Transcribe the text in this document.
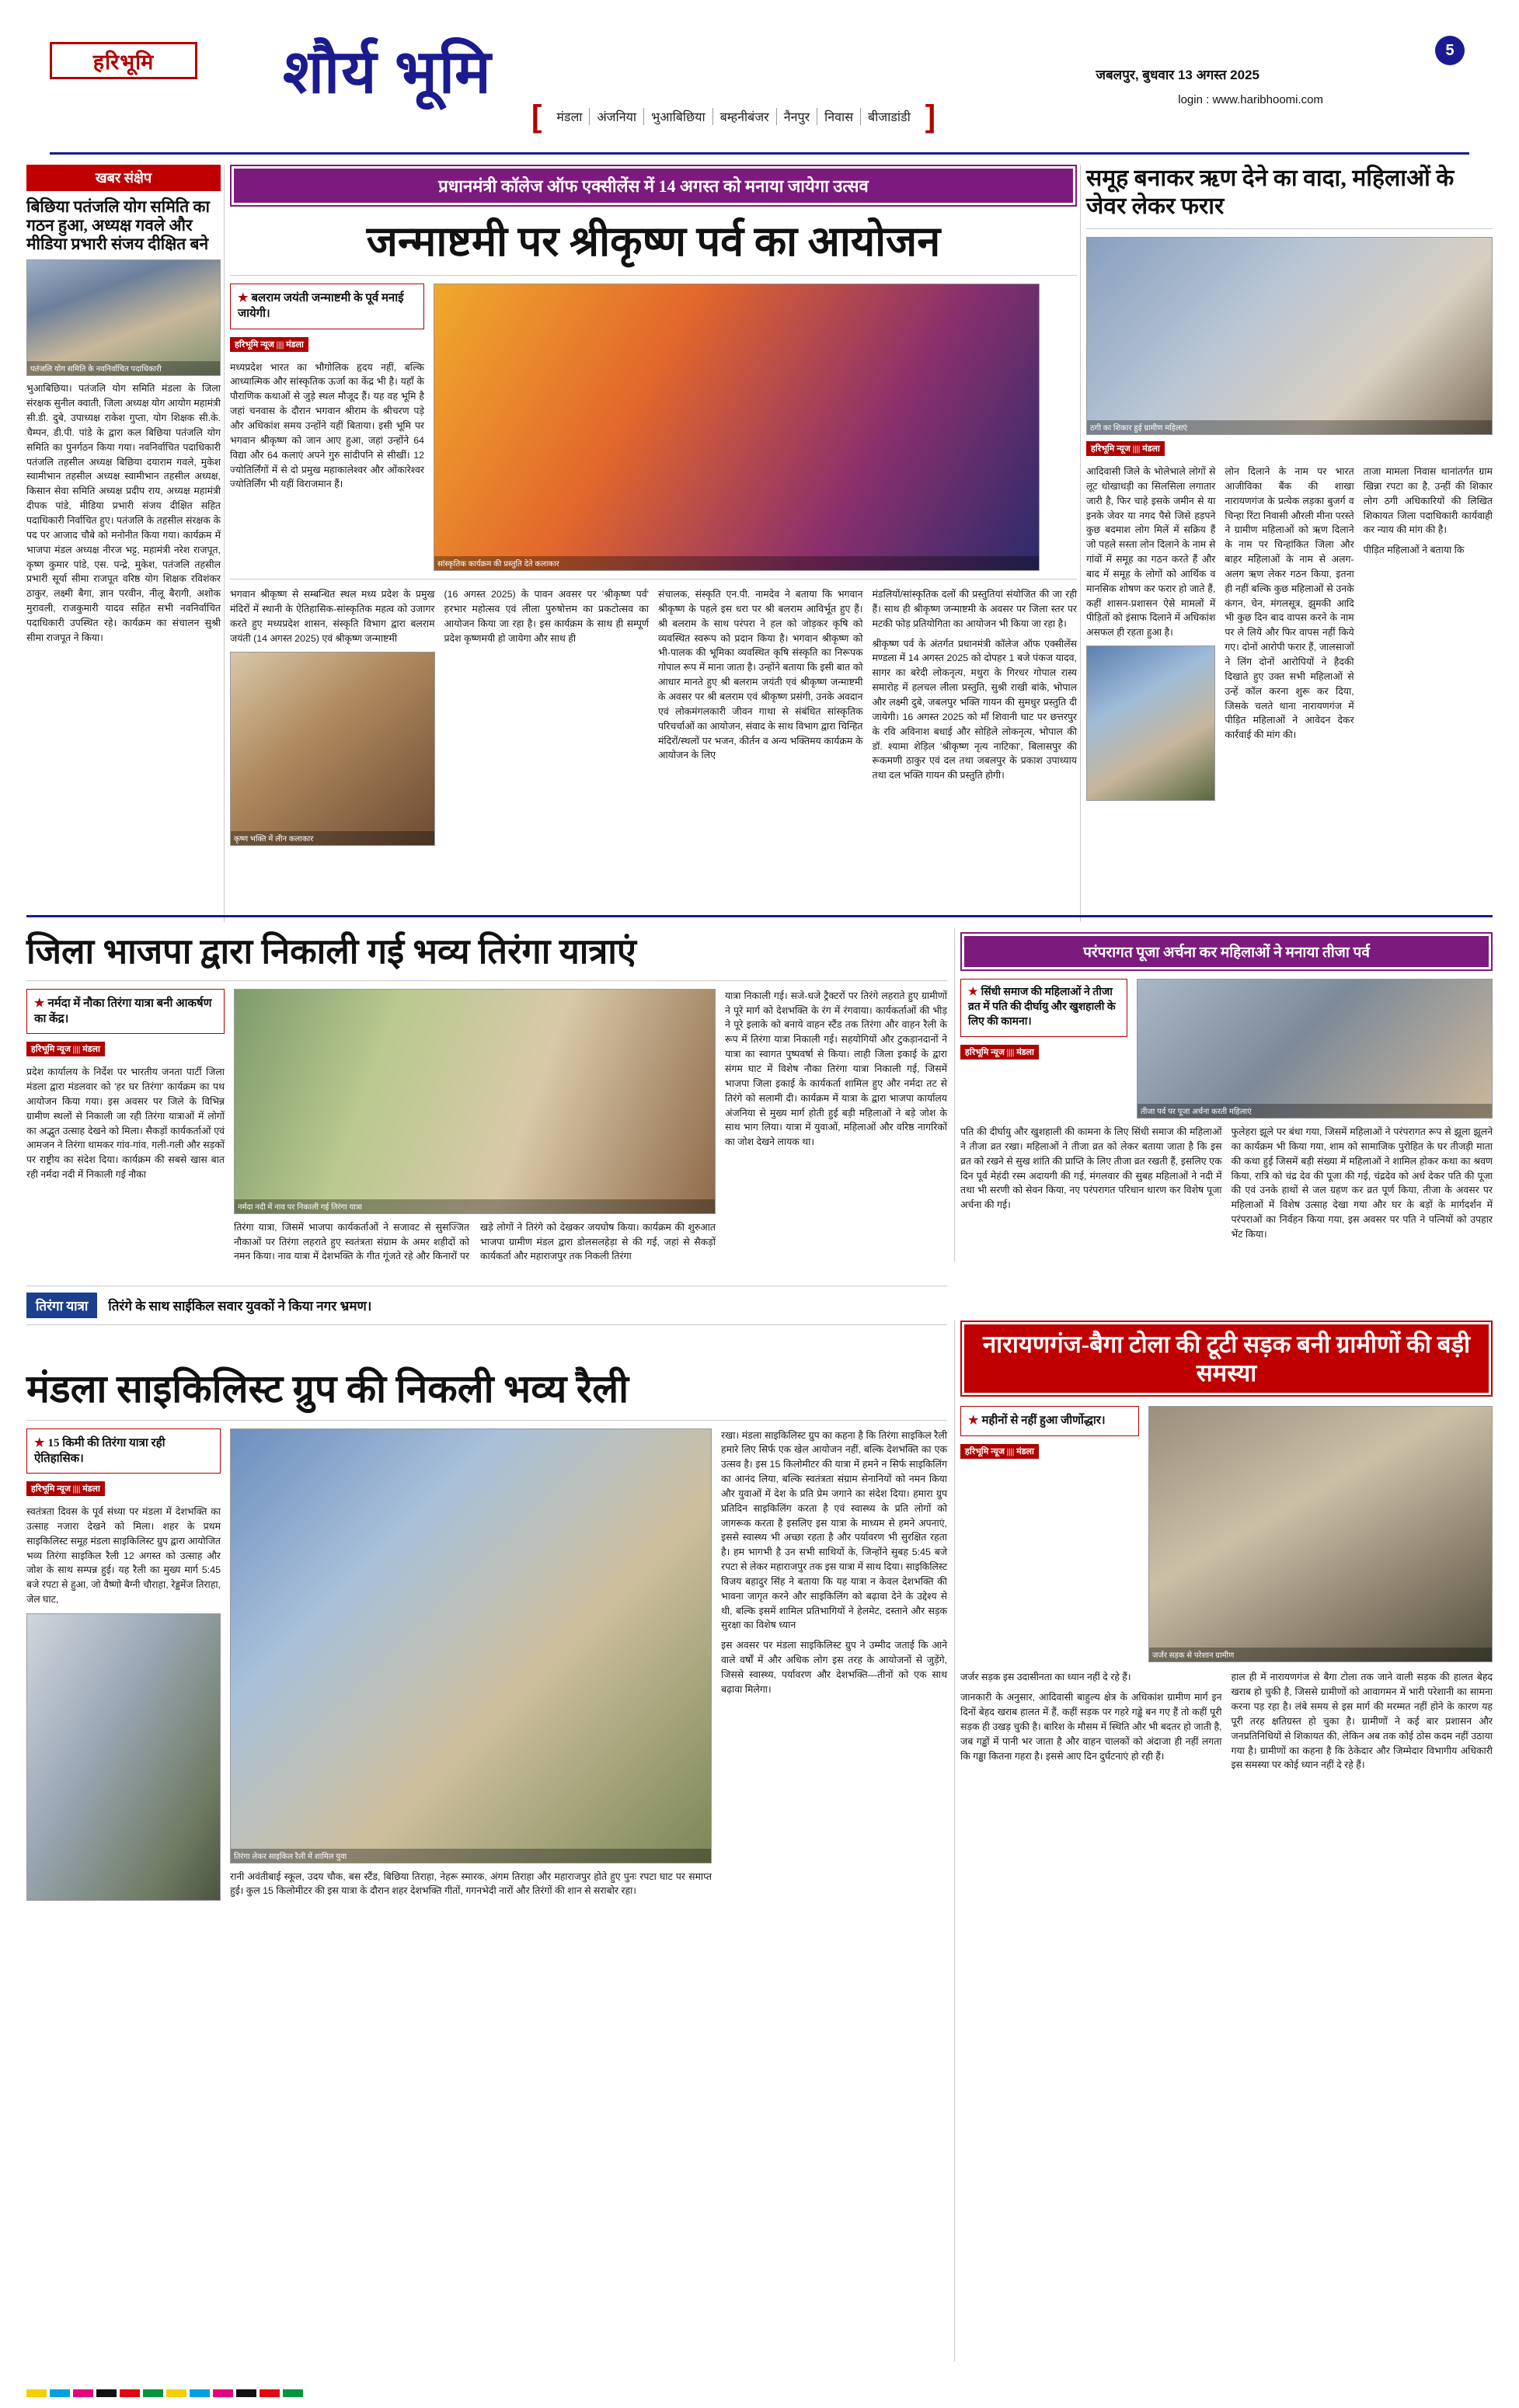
हरिभूमि शौर्य भूमि
[	मंडला	अंजनिया	भुआबिछिया	बम्हनीबंजर	नैनपुर	निवास	बीजाडांडी ]
जबलपुर, बुधवार 13 अगस्त 2025
login : www.haribhoomi.com
5
खबर संक्षेप
बिछिया पतंजलि योग समिति का गठन हुआ, अध्यक्ष गवले और मीडिया प्रभारी संजय दीक्षित बने
पतंजलि योग समिति के नवनिर्वाचित पदाधिकारी

भुआबिछिया। पतंजलि योग समिति मंडला के जिला संरक्षक सुनील क्वाती, जिला अध्यक्ष योग आयोग महामंत्री सी.डी. दुबे, उपाध्यक्ष राकेश गुप्ता, योग शिक्षक सी.के. चैम्पन, डी.पी. पांडे के द्वारा कल बिछिया पतंजलि योग समिति का पुनर्गठन किया गया। नवनिर्वाचित पदाधिकारी पतंजलि तहसील अध्यक्ष बिछिया दयाराम गवले, मुकेश स्वामीभान तहसील अध्यक्ष स्वामीभान तहसील अध्यक्ष, किसान सेवा समिति अध्यक्ष प्रदीप राय, अध्यक्ष महामंत्री दीपक पांडे, मीडिया प्रभारी संजय दीक्षित सहित पदाधिकारी निर्वाचित हुए। पतंजलि के तहसील संरक्षक के पद पर आजाद चौबे को मनोनीत किया गया। कार्यक्रम में भाजपा मंडल अध्यक्ष नीरज भट्ट, महामंत्री नरेश राजपूत, कृष्ण कुमार पांडे, एस. पन्द्रे, मुकेश, पतंजलि तहसील प्रभारी सूर्या सीमा राजपूत वरिष्ठ योग शिक्षक रविशंकर ठाकुर, लक्ष्मी बैगा, ज्ञान परवीन, नीलू बैरागी, अशोक मुरावली, राजकुमारी यादव सहित सभी नवनिर्वाचित पदाधिकारी उपस्थित रहे। कार्यक्रम का संचालन सुश्री सीमा राजपूत ने किया।

प्रधानमंत्री कॉलेज ऑफ एक्सीलेंस में 14 अगस्त को मनाया जायेगा उत्सव
जन्माष्टमी पर श्रीकृष्ण पर्व का आयोजन
★ बलराम जयंती जन्माष्टमी के पूर्व मनाई जायेगी।
हरिभूमि न्यूज |||| मंडला

मध्यप्रदेश भारत का भौगोलिक हृदय नहीं, बल्कि आध्यात्मिक और सांस्कृतिक ऊर्जा का केंद्र भी है। यहाँ के पौराणिक कथाओं से जुड़े स्थल मौजूद हैं। यह वह भूमि है जहां चनवास के दौरान भगवान श्रीराम के श्रीचरण पड़े और अधिकांश समय उन्होंने यहीं बिताया। इसी भूमि पर भगवान श्रीकृष्ण को जान आए हुआ, जहां उन्होंने 64 विद्या और 64 कलाएं अपने गुरु सांदीपनि से सीखीं। 12 ज्योतिर्लिंगों में से दो प्रमुख महाकालेश्वर और ओंकारेश्वर ज्योतिर्लिंग भी यहीं विराजमान हैं।

सांस्कृतिक कार्यक्रम की प्रस्तुति देते कलाकार

भगवान श्रीकृष्ण से सम्बन्धित स्थल मध्य प्रदेश के प्रमुख मंदिरों में स्थानी के ऐतिहासिक-सांस्कृतिक महत्व को उजागर करते हुए मध्यप्रदेश शासन, संस्कृति विभाग द्वारा बलराम जयंती (14 अगस्त 2025) एवं श्रीकृष्ण जन्माष्टमी

कृष्ण भक्ति में लीन कलाकार

(16 अगस्त 2025) के पावन अवसर पर 'श्रीकृष्ण पर्व' हरभार महोत्सव एवं लीला पुरुषोत्तम का प्रकटोत्सव का आयोजन किया जा रहा है। इस कार्यक्रम के साथ ही सम्पूर्ण प्रदेश कृष्णमयी हो जायेगा और साथ ही

संचालक, संस्कृति एन.पी. नामदेव ने बताया कि भगवान श्रीकृष्ण के पहले इस धरा पर श्री बलराम आविर्भूत हुए हैं। श्री बलराम के साथ परंपरा ने हल को जोड़कर कृषि को व्यवस्थित स्वरूप को प्रदान किया है। भगवान श्रीकृष्ण को भी-पालक की भूमिका व्यवस्थित कृषि संस्कृति का निरूपक गोपाल रूप में माना जाता है। उन्होंने बताया कि इसी बात को आधार मानते हुए श्री बलराम जयंती एवं श्रीकृष्ण जन्माष्टमी के अवसर पर श्री बलराम एवं श्रीकृष्ण प्रसंगी, उनके अवदान एवं लोकमंगलकारी जीवन गाथा से संबंधित सांस्कृतिक परिचर्चाओं का आयोजन, संवाद के साथ विभाग द्वारा चिन्हित मंदिरों/स्थलों पर भजन, कीर्तन व अन्य भक्तिमय कार्यक्रम के आयोजन के लिए

मंडलियों/सांस्कृतिक दलों की प्रस्तुतियां संयोजित की जा रही हैं। साथ ही श्रीकृष्ण जन्माष्टमी के अवसर पर जिला स्तर पर मटकी फोड़ प्रतियोगिता का आयोजन भी किया जा रहा है।

श्रीकृष्ण पर्व के अंतर्गत प्रधानमंत्री कॉलेज ऑफ एक्सीलेंस मण्डला में 14 अगस्त 2025 को दोपहर 1 बजे पंकज यादव, सागर का बरेदी लोकनृत्य, मथुरा के गिरधर गोपाल रास्य समारोह में हलचल लीला प्रस्तुति, सुश्री राखी बांके, भोपाल और लक्ष्मी दुबे, जबलपुर भक्ति गायन की सुमधुर प्रस्तुति दी जायेगी। 16 अगस्त 2025 को माँ शिवानी घाट पर छत्तरपुर के रवि अविनाश बधाई और सोहिले लोकनृत्य, भोपाल की डॉ. श्यामा शेड़िल 'श्रीकृष्ण नृत्य नाटिका', बिलासपुर की रूकमणी ठाकुर एवं दल तथा जबलपुर के प्रकाश उपाध्याय तथा दल भक्ति गायन की प्रस्तुति होगी।

समूह बनाकर ऋण देने का वादा, महिलाओं के जेवर लेकर फरार
ठगी का शिकार हुई ग्रामीण महिलाएं
हरिभूमि न्यूज |||| मंडला

आदिवासी जिले के भोलेभाले लोगों से लूट धोखाधड़ी का सिलसिला लगातार जारी है, फिर चाहे इसके जमीन से या इनके जेवर या नगद पैसे जिसे हड़पने कुछ बदमाश लोग मिलें में सक्रिय हैं जो पहले सस्ता लोन दिलाने के नाम से गांवों में समूह का गठन करते हैं और बाद में समूह के लोगों को आर्थिक व मानसिक शोषण कर फरार हो जाते हैं, कहीं शासन-प्रशासन ऐसे मामलों में पीड़ितों को इंसाफ दिलाने में अधिकांश असफल ही रहता हुआ है।

लोन दिलाने के नाम पर भारत आजीविका बैंक की शाखा नारायणगंज के प्रत्येक लड़का बुजर्ग व चिन्हा रिंटा निवासी औरली मीना परस्ते ने ग्रामीण महिलाओं को ऋण दिलाने के नाम पर चिन्हांकित जिला और बाहर महिलाओं के नाम से अलग-अलग ऋण लेकर गठन किया, इतना ही नहीं बल्कि कुछ महिलाओं से उनके कंगन, चेन, मंगलसूत्र, झुमकी आदि भी कुछ दिन बाद वापस करने के नाम पर ले लिये और फिर वापस नहीं किये गए। दोनों आरोपी फरार हैं, जालसाजों ने लिंग दोनों आरोपियों ने हैदकी दिखाते हुए उक्त सभी महिलाओं से उन्हें कॉल करना शुरू कर दिया, जिसके चलते थाना नारायणगंज में पीड़ित महिलाओं ने आवेदन देकर कार्रवाई की मांग की।

ताजा मामला निवास थानांतर्गत ग्राम खिन्ना रपटा का है, उन्हीं की शिकार लोग ठगी अधिकारियों की लिखित शिकायत जिला पदाधिकारी कार्यवाही कर न्याय की मांग की है।

पीड़ित महिलाओं ने बताया कि

जिला भाजपा द्वारा निकाली गई भव्य तिरंगा यात्राएं
★ नर्मदा में नौका तिरंगा यात्रा बनी आकर्षण का केंद्र।
हरिभूमि न्यूज |||| मंडला

प्रदेश कार्यालय के निर्देश पर भारतीय जनता पार्टी जिला मंडला द्वारा मंडलवार को 'हर घर तिरंगा' कार्यक्रम का पथ आयोजन किया गया। इस अवसर पर जिले के विभिन्न ग्रामीण स्थलों से निकाली जा रही तिरंगा यात्राओं में लोगों का अद्भुत उत्साह देखने को मिला। सैकड़ों कार्यकर्ताओं एवं आमजन ने तिरंगा थामकर गांव-गांव, गली-गली और सड़कों पर राष्ट्रीय का संदेश दिया। कार्यक्रम की सबसे खास बात रही नर्मदा नदी में निकाली गई नौका

नर्मदा नदी में नाव पर निकाली गई तिरंगा यात्रा

तिरंगा यात्रा, जिसमें भाजपा कार्यकर्ताओं ने सजावट से सुसज्जित नौकाओं पर तिरंगा लहराते हुए स्वतंत्रता संग्राम के अमर शहीदों को नमन किया। नाव यात्रा में देशभक्ति के गीत गूंजते रहे और किनारों पर खड़े लोगों ने तिरंगे को देखकर जयघोष किया। कार्यक्रम की शुरुआत भाजपा ग्रामीण मंडल द्वारा डोलसलहेड़ा से की गई, जहां से सैकड़ों कार्यकर्ता और महाराजपुर तक निकली तिरंगा

यात्रा निकाली गई। सजे-धजे ट्रैक्टरों पर तिरंगे लहराते हुए ग्रामीणों ने पूरे मार्ग को देशभक्ति के रंग में रंगवाया। कार्यकर्ताओं की भीड़ ने पूरे इलाके को बनाये वाहन स्टैंड तक तिरंगा और वाहन रैली के रूप में तिरंगा यात्रा निकाली गई। सहयोगियों और टुकड़ानदानों ने यात्रा का स्वागत पुष्पवर्षा से किया। लाही जिला इकाई के द्वारा संगम घाट में विशेष नौका तिरंगा यात्रा निकाली गई, जिसमें भाजपा जिला इकाई के कार्यकर्ता शामिल हुए और नर्मदा तट से तिरंगे को सलामी दी। कार्यक्रम में यात्रा के द्वारा भाजपा कार्यालय अंजनिया से मुख्य मार्ग होती हुई बड़ी महिलाओं ने बड़े जोश के साथ भाग लिया। यात्रा में युवाओं, महिलाओं और वरिष्ठ नागरिकों का जोश देखने लायक था।

परंपरागत पूजा अर्चना कर महिलाओं ने मनाया तीजा पर्व
★ सिंधी समाज की महिलाओं ने तीजा व्रत में पति की दीर्घायु और खुशहाली के लिए की कामना।
हरिभूमि न्यूज |||| मंडला
तीजा पर्व पर पूजा अर्चना करती महिलाएं

पति की दीर्घायु और खुशहाली की कामना के लिए सिंधी समाज की महिलाओं ने तीजा व्रत रखा। महिलाओं ने तीजा व्रत को लेकर बताया जाता है कि इस व्रत को रखने से सुख शांति की प्राप्ति के लिए तीजा व्रत रखती हैं, इसलिए एक दिन पूर्व मेहंदी रस्म अदायगी की गई, मंगलवार की सुबह महिलाओं ने नदी में तथा भी सरणी को सेवन किया, नए परंपरागत परिधान धारण कर विशेष पूजा अर्चना की गई।

फुलेहरा झूले पर बंधा गया, जिसमें महिलाओं ने परंपरागत रूप से झूला झूलने का कार्यक्रम भी किया गया, शाम को सामाजिक पुरोहित के घर तीजड़ी माता की कथा हुई जिसमें बड़ी संख्या में महिलाओं ने शामिल होकर कथा का श्रवण किया, रात्रि को चंद्र देव की पूजा की गई, चंद्रदेव को अर्ध देकर पति की पूजा की एवं उनके हाथों से जल ग्रहण कर व्रत पूर्ण किया, तीजा के अवसर पर महिलाओं में विशेष उत्साह देखा गया और घर के बड़ों के मार्गदर्शन में परंपराओं का निर्वहन किया गया, इस अवसर पर पति ने पत्नियों को उपहार भेंट किया।

तिरंगा यात्रा	तिरंगे के साथ साईकिल सवार युवकों ने किया नगर भ्रमण।
मंडला साइकिलिस्ट ग्रुप की निकली भव्य रैली
★ 15 किमी की तिरंगा यात्रा रही ऐतिहासिक।
हरिभूमि न्यूज |||| मंडला

स्वतंत्रता दिवस के पूर्व संध्या पर मंडला में देशभक्ति का उत्साह नजारा देखने को मिला। शहर के प्रथम साइकिलिस्ट समूह मंडला साइकिलिस्ट ग्रुप द्वारा आयोजित भव्य तिरंगा साइकिल रैली 12 अगस्त को उत्साह और जोश के साथ सम्पन्न हुई। यह रैली का मुख्य मार्ग 5:45 बजे रपटा से हुआ, जो वैष्णो बैग्नी चौराहा, रेड्डमेंज तिराहा, जेल घाट,

तिरंगा लेकर साइकिल रैली में शामिल युवा

रानी अवंतीबाई स्कूल, उदय चौक, बस स्टैंड, बिछिया तिराहा, नेहरू स्मारक, अंगम तिराहा और महाराजपुर होते हुए पुनः रपटा घाट पर समाप्त हुई। कुल 15 किलोमीटर की इस यात्रा के दौरान शहर देशभक्ति गीतों, गगनभेदी नारों और तिरंगों की शान से सराबोर रहा।

रखा। मंडला साइकिलिस्ट ग्रुप का कहना है कि तिरंगा साइकिल रैली हमारे लिए सिर्फ एक खेल आयोजन नहीं, बल्कि देशभक्ति का एक उत्सव है। इस 15 किलोमीटर की यात्रा में हमने न सिर्फ साइकिलिंग का आनंद लिया, बल्कि स्वतंत्रता संग्राम सेनानियों को नमन किया और युवाओं में देश के प्रति प्रेम जगाने का संदेश दिया। हमारा ग्रुप प्रतिदिन साइकिलिंग करता है एवं स्वास्थ्य के प्रति लोगों को जागरूक करता है इसलिए इस यात्रा के माध्यम से हमने अपनाएं, इससे स्वास्थ्य भी अच्छा रहता है और पर्यावरण भी सुरक्षित रहता है। हम भागभी है उन सभी साथियों के, जिन्होंने सुबह 5:45 बजे रपटा से लेकर महाराजपुर तक इस यात्रा में साथ दिया। साइकिलिस्ट विजय बहादुर सिंह ने बताया कि यह यात्रा न केवल देशभक्ति की भावना जागृत करने और साइकिलिंग को बढ़ावा देने के उद्देश्य से थी, बल्कि इसमें शामिल प्रतिभागियों ने हेलमेट, दस्ताने और सड़क सुरक्षा का विशेष ध्यान

इस अवसर पर मंडला साइकिलिस्ट ग्रुप ने उम्मीद जताई कि आने वाले वर्षों में और अधिक लोग इस तरह के आयोजनों से जुड़ेंगे, जिससे स्वास्थ्य, पर्यावरण और देशभक्ति—तीनों को एक साथ बढ़ावा मिलेगा।

नारायणगंज-बैगा टोला की टूटी सड़क बनी ग्रामीणों की बड़ी समस्या
★ महीनों से नहीं हुआ जीर्णोद्धार।
हरिभूमि न्यूज |||| मंडला
जर्जर सड़क से परेशान ग्रामीण

जर्जर सड़क इस उदासीनता का ध्यान नहीं दे रहे हैं।

जानकारी के अनुसार, आदिवासी बाहुल्य क्षेत्र के अधिकांश ग्रामीण मार्ग इन दिनों बेहद खराब हालत में हैं, कहीं सड़क पर गहरे गड्ढे बन गए हैं तो कहीं पूरी सड़क ही उखड़ चुकी है। बारिश के मौसम में स्थिति और भी बदतर हो जाती है, जब गड्ढों में पानी भर जाता है और वाहन चालकों को अंदाजा ही नहीं लगता कि गड्ढा कितना गहरा है। इससे आए दिन दुर्घटनाएं हो रही हैं।

हाल ही में नारायणगंज से बैगा टोला तक जाने वाली सड़क की हालत बेहद खराब हो चुकी है, जिससे ग्रामीणों को आवागमन में भारी परेशानी का सामना करना पड़ रहा है। लंबे समय से इस मार्ग की मरम्मत नहीं होने के कारण यह पूरी तरह क्षतिग्रस्त हो चुका है। ग्रामीणों ने कई बार प्रशासन और जनप्रतिनिधियों से शिकायत की, लेकिन अब तक कोई ठोस कदम नहीं उठाया गया है। ग्रामीणों का कहना है कि ठेकेदार और जिम्मेदार विभागीय अधिकारी इस समस्या पर कोई ध्यान नहीं दे रहे हैं।
